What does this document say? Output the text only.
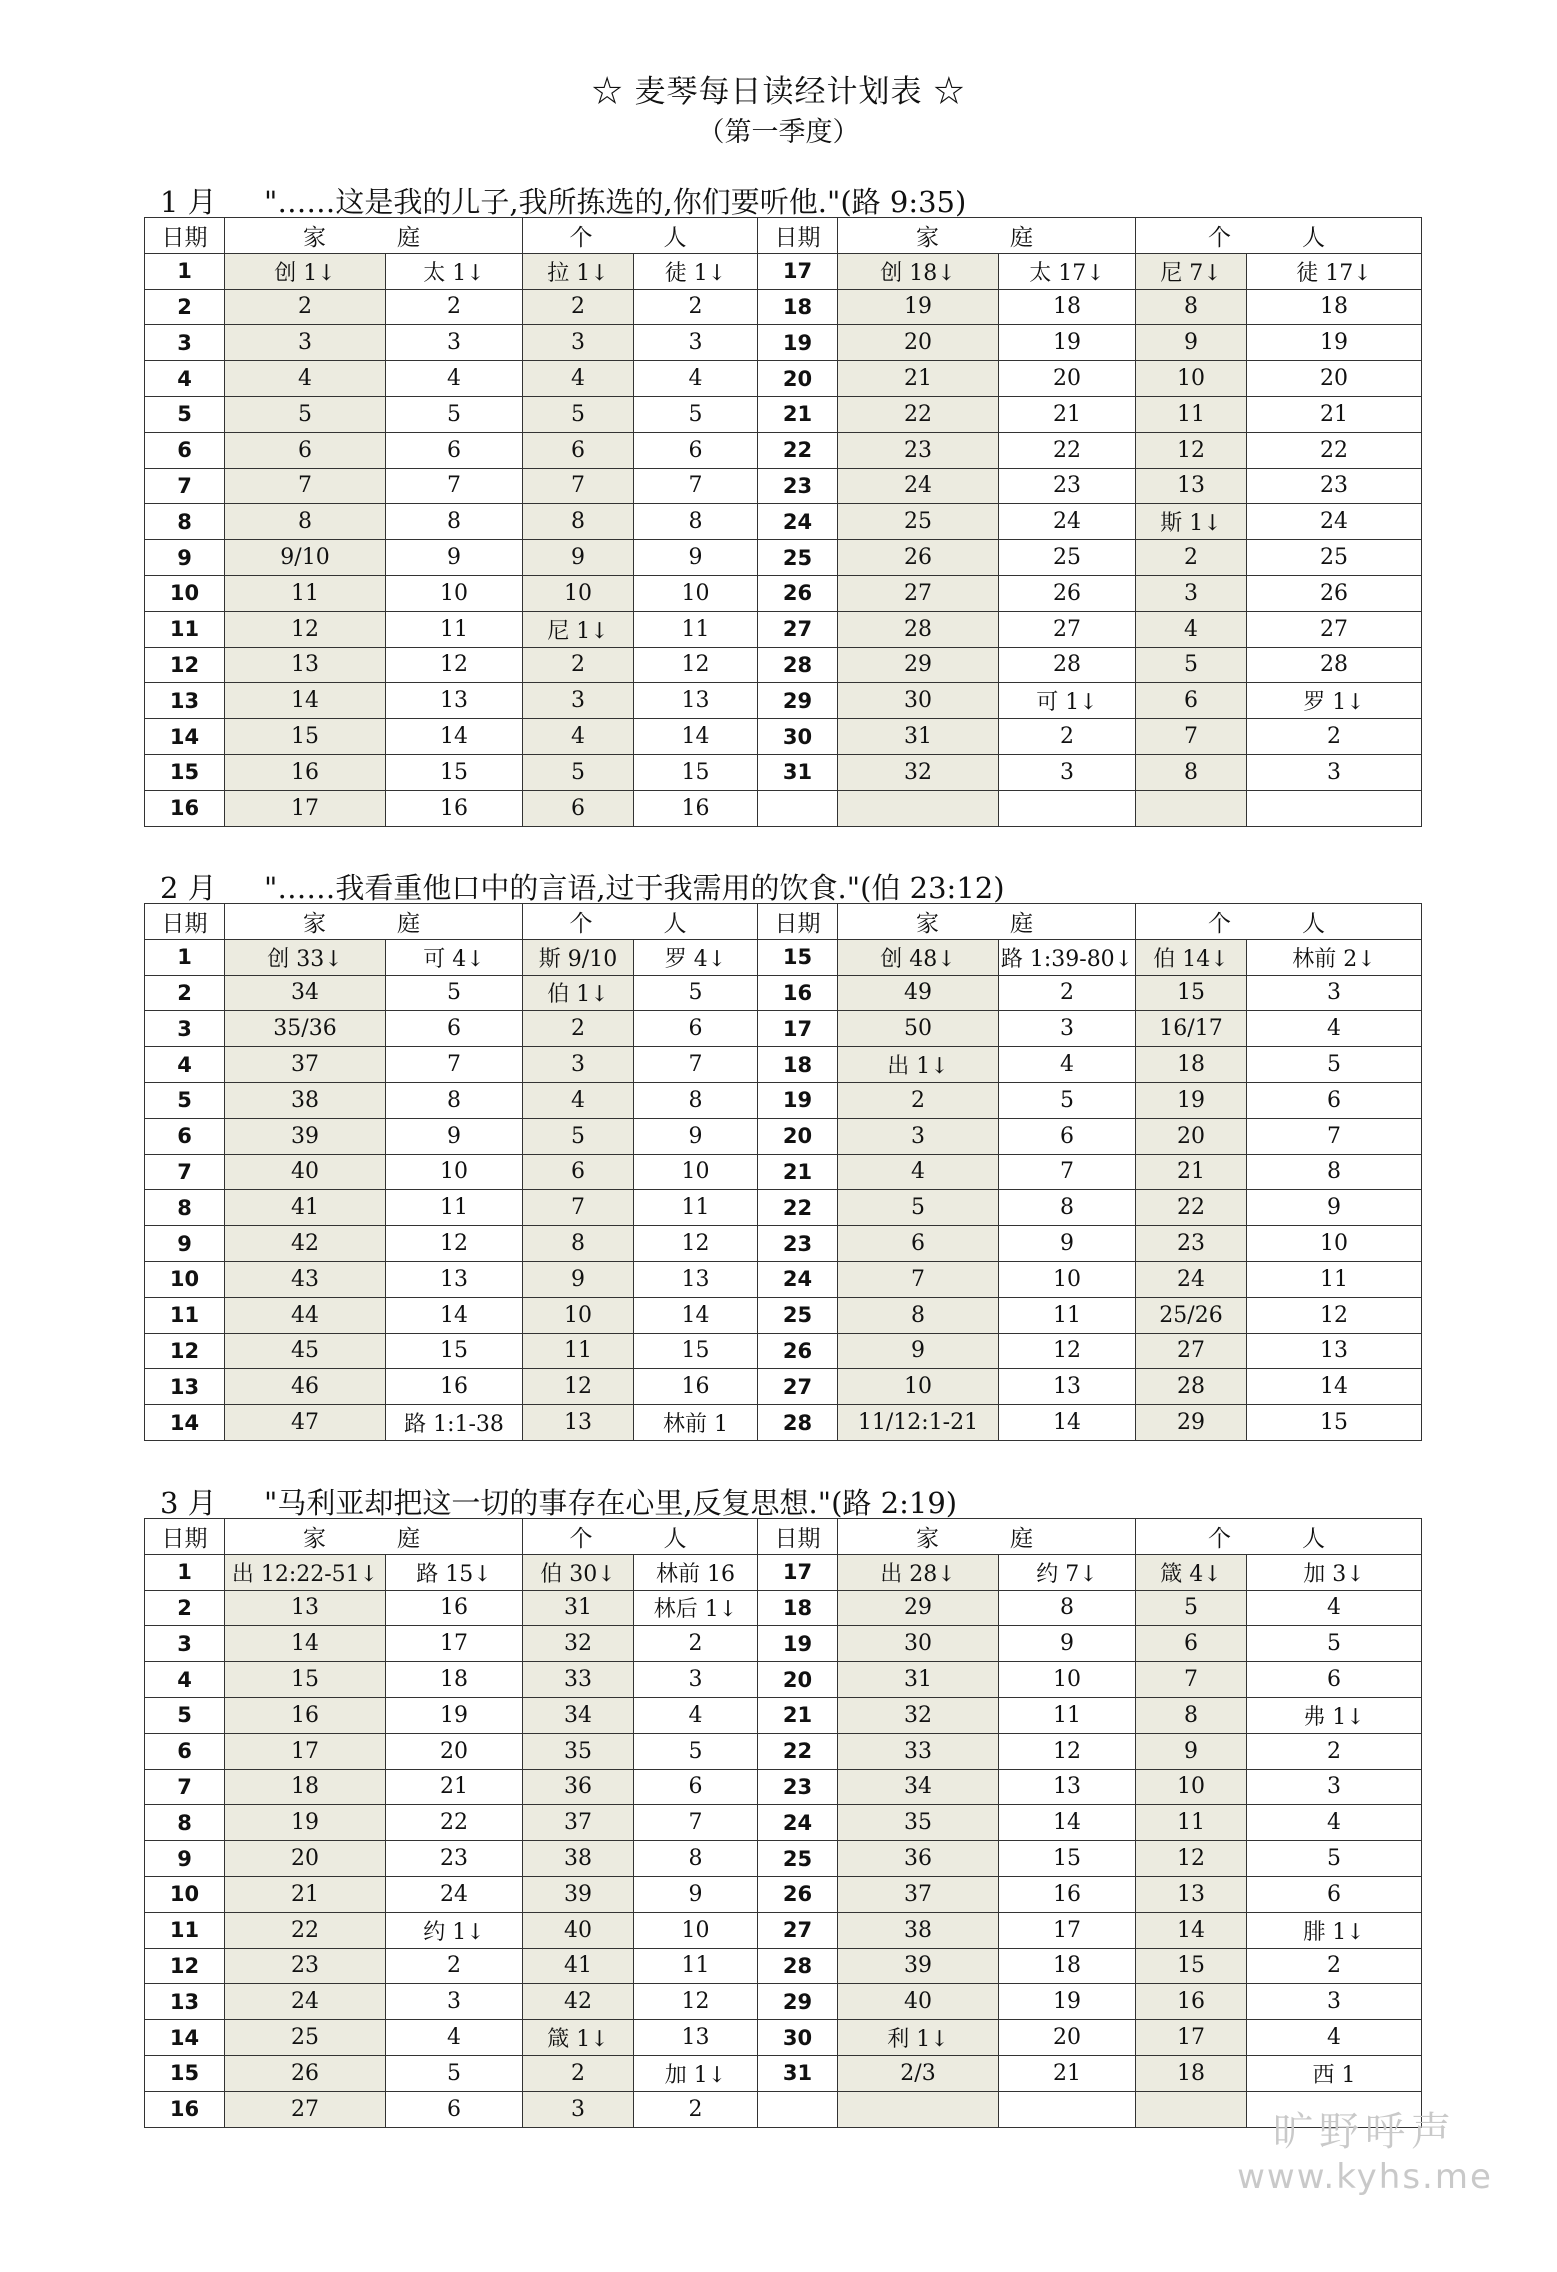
☆ 麦琴每日读经计划表 ☆
（第一季度）
1 月 "……这是我的儿子,我所拣选的,你们要听他."(路 9:35)
日期	家　庭		个　人		日期	家　庭		个　人	
1	创 1↓	太 1↓	拉 1↓	徒 1↓	17	创 18↓	太 17↓	尼 7↓	徒 17↓
2	2	2	2	2	18	19	18	8	18
3	3	3	3	3	19	20	19	9	19
4	4	4	4	4	20	21	20	10	20
5	5	5	5	5	21	22	21	11	21
6	6	6	6	6	22	23	22	12	22
7	7	7	7	7	23	24	23	13	23
8	8	8	8	8	24	25	24	斯 1↓	24
9	9/10	9	9	9	25	26	25	2	25
10	11	10	10	10	26	27	26	3	26
11	12	11	尼 1↓	11	27	28	27	4	27
12	13	12	2	12	28	29	28	5	28
13	14	13	3	13	29	30	可 1↓	6	罗 1↓
14	15	14	4	14	30	31	2	7	2
15	16	15	5	15	31	32	3	8	3
16	17	16	6	16					
2 月 "……我看重他口中的言语,过于我需用的饮食."(伯 23:12)
日期	家　庭		个　人		日期	家　庭		个　人	
1	创 33↓	可 4↓	斯 9/10	罗 4↓	15	创 48↓	路 1:39-80↓	伯 14↓	林前 2↓
2	34	5	伯 1↓	5	16	49	2	15	3
3	35/36	6	2	6	17	50	3	16/17	4
4	37	7	3	7	18	出 1↓	4	18	5
5	38	8	4	8	19	2	5	19	6
6	39	9	5	9	20	3	6	20	7
7	40	10	6	10	21	4	7	21	8
8	41	11	7	11	22	5	8	22	9
9	42	12	8	12	23	6	9	23	10
10	43	13	9	13	24	7	10	24	11
11	44	14	10	14	25	8	11	25/26	12
12	45	15	11	15	26	9	12	27	13
13	46	16	12	16	27	10	13	28	14
14	47	路 1:1-38	13	林前 1	28	11/12:1-21	14	29	15
3 月 "马利亚却把这一切的事存在心里,反复思想."(路 2:19)
日期	家　庭		个　人		日期	家　庭		个　人	
1	出 12:22-51↓	路 15↓	伯 30↓	林前 16	17	出 28↓	约 7↓	箴 4↓	加 3↓
2	13	16	31	林后 1↓	18	29	8	5	4
3	14	17	32	2	19	30	9	6	5
4	15	18	33	3	20	31	10	7	6
5	16	19	34	4	21	32	11	8	弗 1↓
6	17	20	35	5	22	33	12	9	2
7	18	21	36	6	23	34	13	10	3
8	19	22	37	7	24	35	14	11	4
9	20	23	38	8	25	36	15	12	5
10	21	24	39	9	26	37	16	13	6
11	22	约 1↓	40	10	27	38	17	14	腓 1↓
12	23	2	41	11	28	39	18	15	2
13	24	3	42	12	29	40	19	16	3
14	25	4	箴 1↓	13	30	利 1↓	20	17	4
15	26	5	2	加 1↓	31	2/3	21	18	西 1
16	27	6	3	2						旷野呼声
www.kyhs.me
